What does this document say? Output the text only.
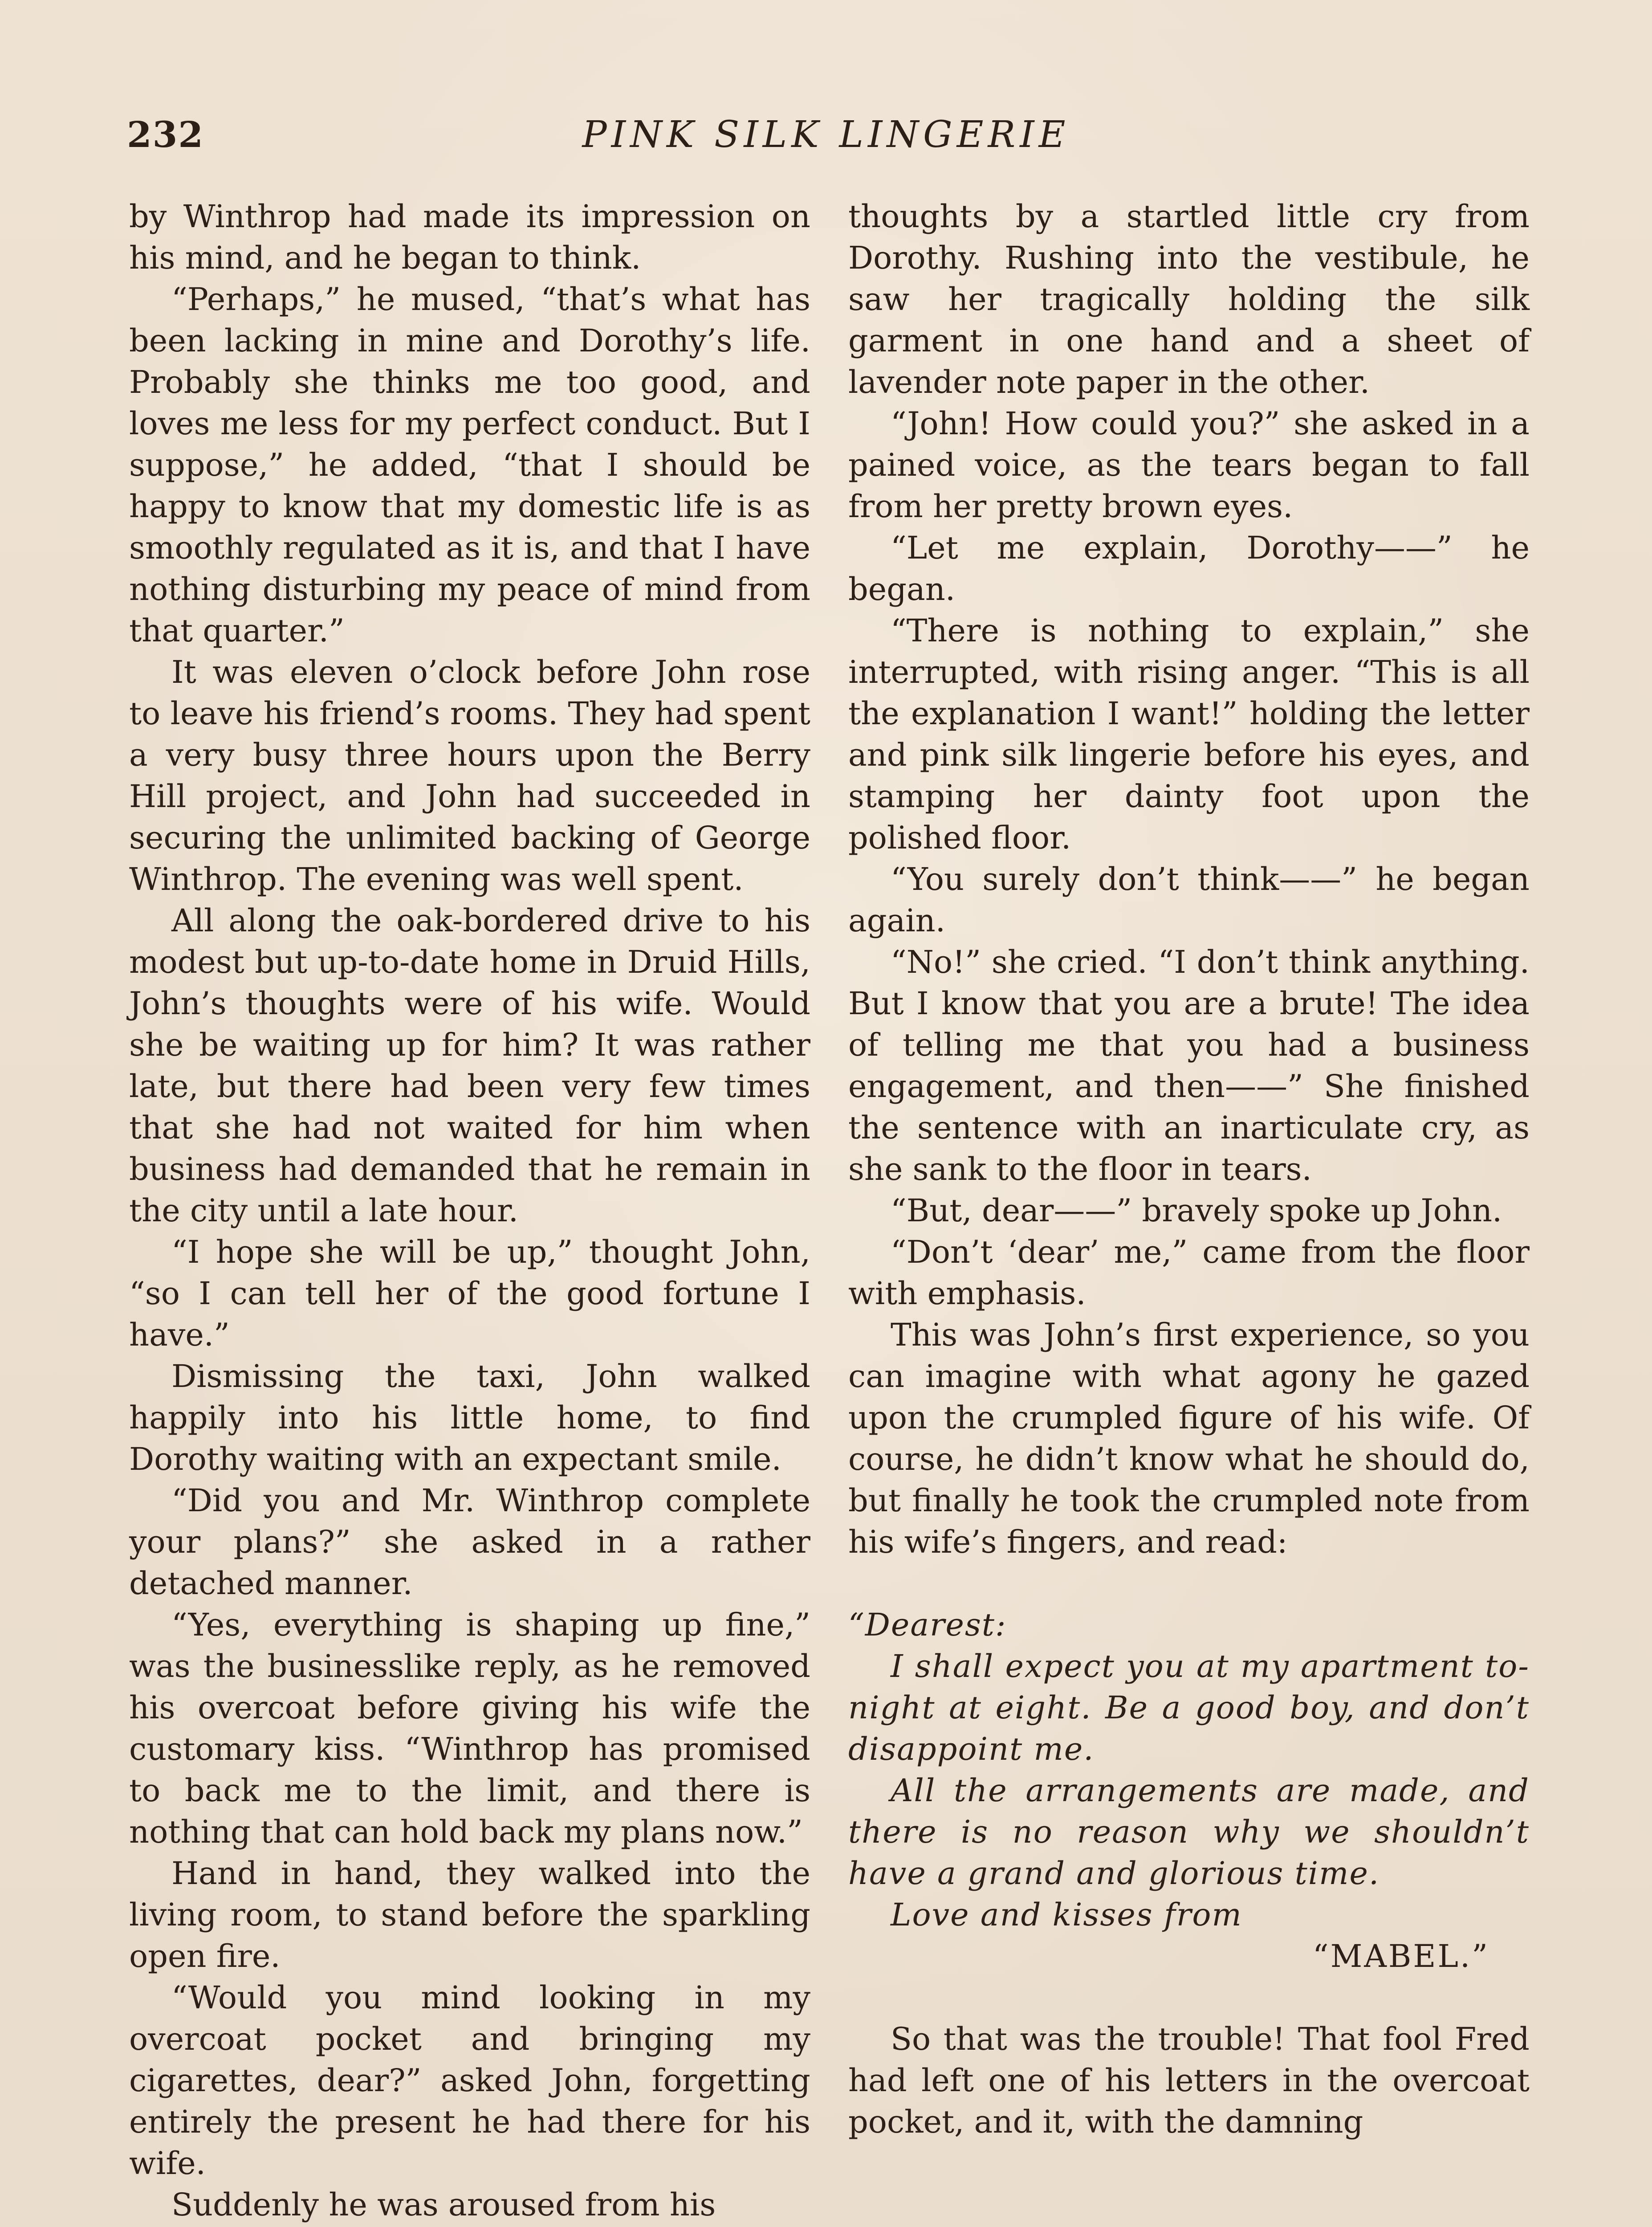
232	PINK SILK LINGERIE

by Winthrop had made its impression on his mind, and he began to think.

“Perhaps,” he mused, “that’s what has been lacking in mine and Dorothy’s life. Probably she thinks me too good, and loves me less for my perfect conduct. But I suppose,” he added, “that I should be happy to know that my domestic life is as smoothly regulated as it is, and that I have nothing disturbing my peace of mind from that quarter.”

It was eleven o’clock before John rose to leave his friend’s rooms. They had spent a very busy three hours upon the Berry Hill project, and John had succeeded in securing the unlimited backing of George Winthrop. The evening was well spent.

All along the oak-bordered drive to his modest but up-to-date home in Druid Hills, John’s thoughts were of his wife. Would she be waiting up for him? It was rather late, but there had been very few times that she had not waited for him when business had demanded that he remain in the city until a late hour.

“I hope she will be up,” thought John, “so I can tell her of the good fortune I have.”

Dismissing the taxi, John walked happily into his little home, to find Dorothy waiting with an expectant smile.

“Did you and Mr. Winthrop complete your plans?” she asked in a rather detached manner.

“Yes, everything is shaping up fine,” was the businesslike reply, as he removed his overcoat before giving his wife the customary kiss. “Winthrop has promised to back me to the limit, and there is nothing that can hold back my plans now.”

Hand in hand, they walked into the living room, to stand before the sparkling open fire.

“Would you mind looking in my overcoat pocket and bringing my cigarettes, dear?” asked John, forgetting entirely the present he had there for his wife.

Suddenly he was aroused from his

thoughts by a startled little cry from Dorothy. Rushing into the vestibule, he saw her tragically holding the silk garment in one hand and a sheet of lavender note paper in the other.

“John! How could you?” she asked in a pained voice, as the tears began to fall from her pretty brown eyes.

“Let me explain, Dorothy——” he began.

“There is nothing to explain,” she interrupted, with rising anger. “This is all the explanation I want!” holding the letter and pink silk lingerie before his eyes, and stamping her dainty foot upon the polished floor.

“You surely don’t think——” he began again.

“No!” she cried. “I don’t think anything. But I know that you are a brute! The idea of telling me that you had a business engagement, and then——” She finished the sentence with an inarticulate cry, as she sank to the floor in tears.

“But, dear——” bravely spoke up John.

“Don’t ‘dear’ me,” came from the floor with emphasis.

This was John’s first experience, so you can imagine with what agony he gazed upon the crumpled figure of his wife. Of course, he didn’t know what he should do, but finally he took the crumpled note from his wife’s fingers, and read:

“Dearest:

I shall expect you at my apartment to-night at eight. Be a good boy, and don’t disappoint me.

All the arrangements are made, and there is no reason why we shouldn’t have a grand and glorious time.

Love and kisses from

“MABEL.”

So that was the trouble! That fool Fred had left one of his letters in the overcoat pocket, and it, with the damning
